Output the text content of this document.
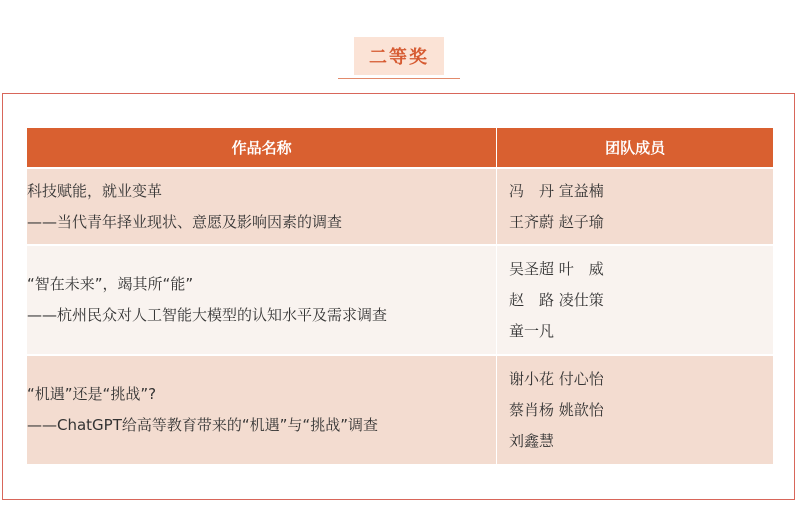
二等奖
作品名称	团队成员
科技赋能，就业变革
——当代青年择业现状、意愿及影响因素的调查
冯　丹 宣益楠
王齐蔚 赵子瑜
“智在未来”，竭其所“能”
——杭州民众对人工智能大模型的认知水平及需求调查
吴圣超 叶　威
赵　路 凌仕策
童一凡
“机遇”还是“挑战”?
——ChatGPT给高等教育带来的“机遇”与“挑战”调查
谢小花 付心怡
蔡肖杨 姚歆怡
刘鑫慧
